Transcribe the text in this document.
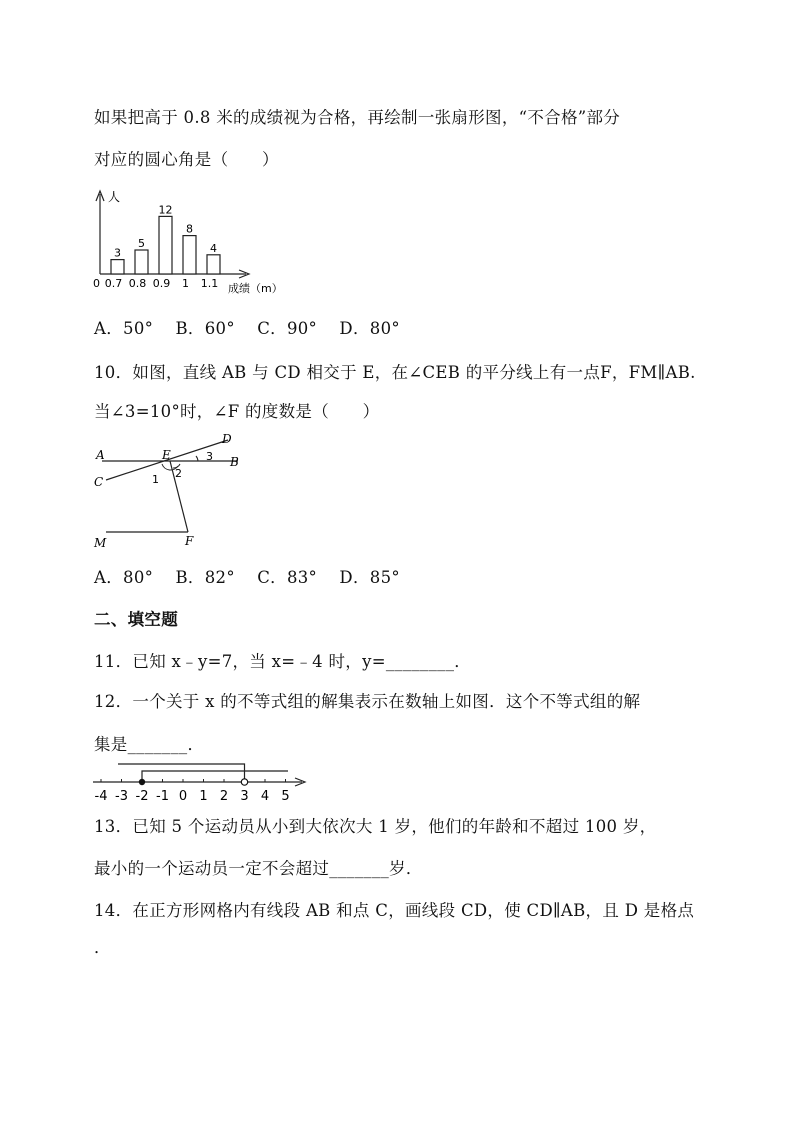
如果把高于 0.8 米的成绩视为合格，再绘制一张扇形图，“不合格”部分
对应的圆心角是（　　）
人
0	成绩（m）
3
0.7
5
0.8
12
0.9
8
1
4
1.1
A．50°　 B．60°　 C．90°　 D．80°
10．如图，直线 AB 与 CD 相交于 E，在∠CEB 的平分线上有一点F，FM∥AB.
当∠3=10°时，∠F 的度数是（　　）
A	B
C
D
E
F
M
1 2
3
A．80°　 B．82°　 C．83°　 D．85°
二、填空题
11．已知 x﹣y=7，当 x=﹣4 时，y=________．
12．一个关于 x 的不等式组的解集表示在数轴上如图．这个不等式组的解
集是_______．
-4 -3 -2 -1 0 1 2 3 4 5
13．已知 5 个运动员从小到大依次大 1 岁，他们的年龄和不超过 100 岁，
最小的一个运动员一定不会超过_______岁．
14．在正方形网格内有线段 AB 和点 C，画线段 CD，使 CD∥AB，且 D 是格点
．
